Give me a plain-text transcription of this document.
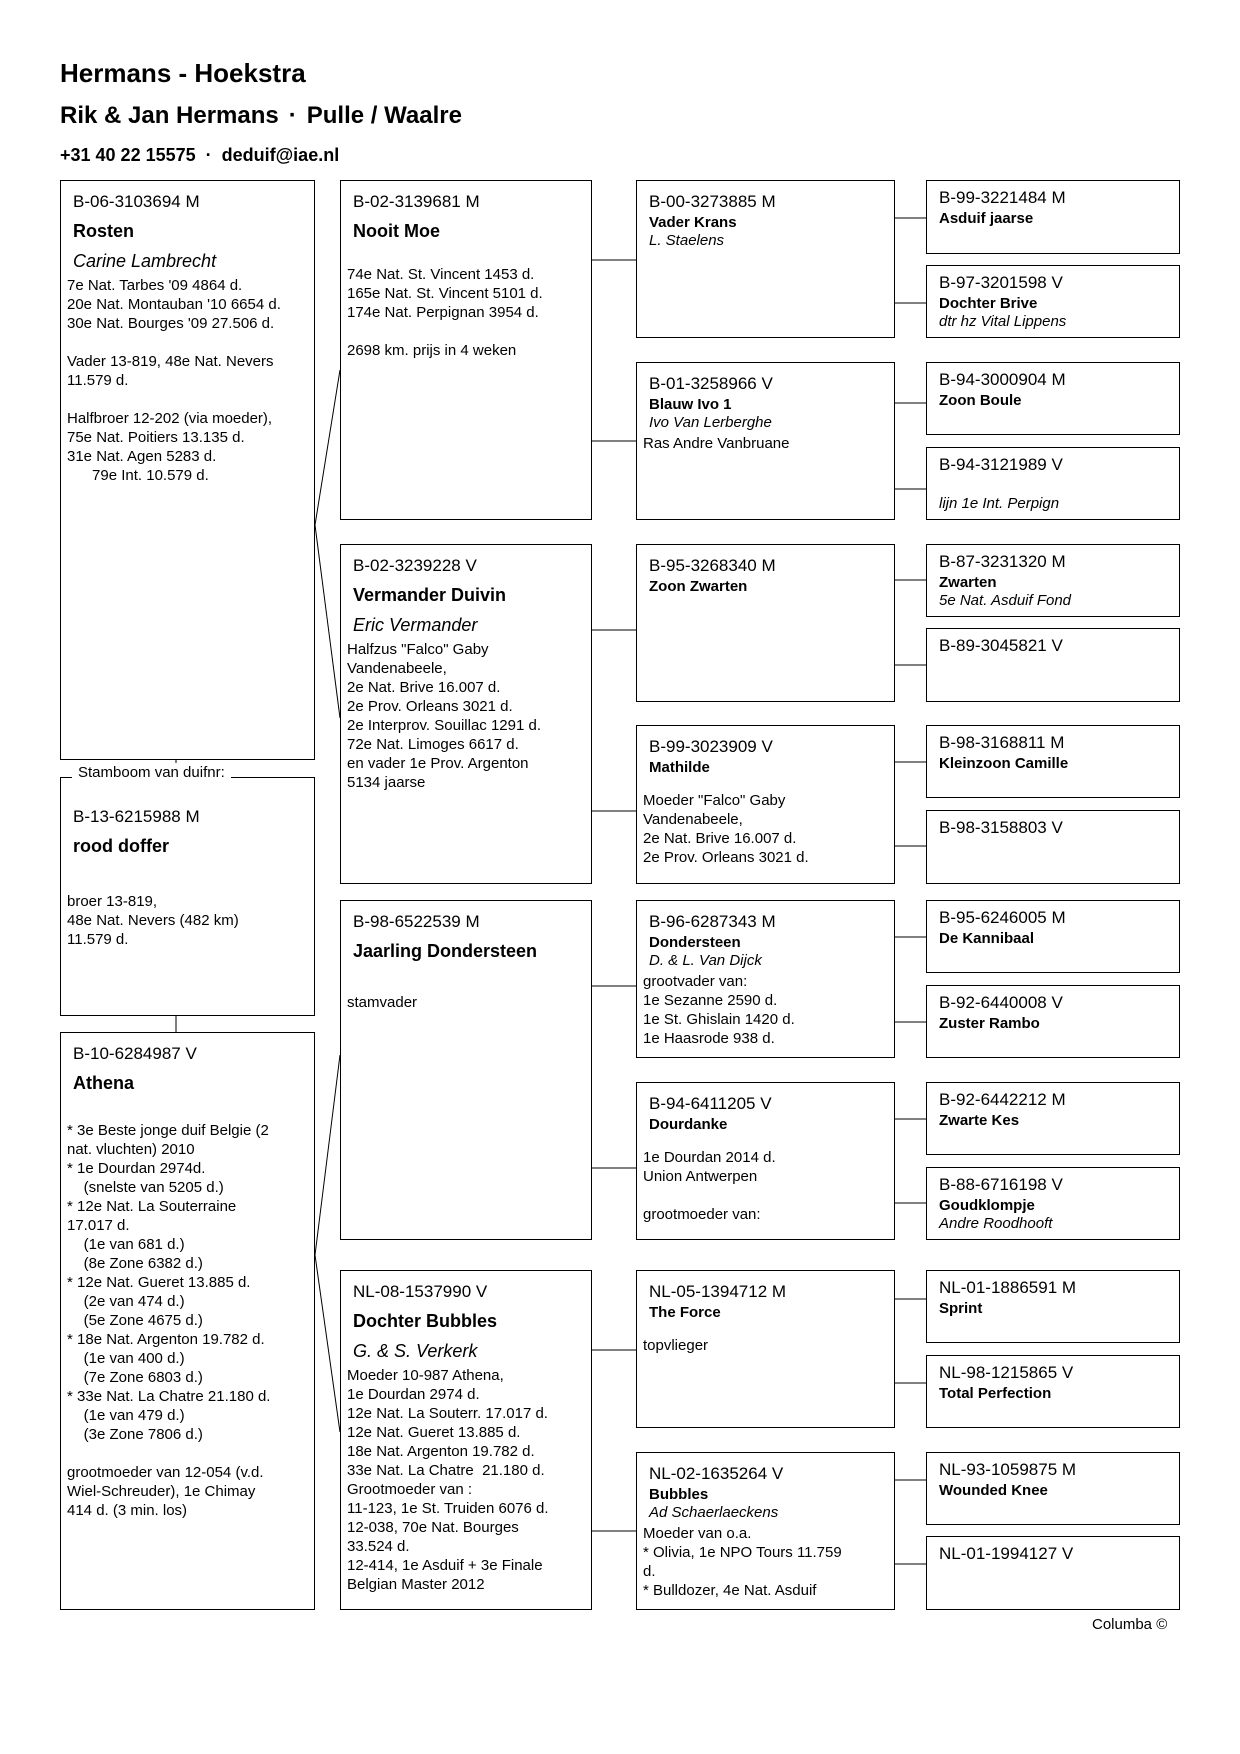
Hermans - Hoekstra
Rik & Jan Hermans · Pulle / Waalre
+31 40 22 15575 · deduif@iae.nl
B-06-3103694 M
Rosten
Carine Lambrecht
7e Nat. Tarbes '09 4864 d.
20e Nat. Montauban '10 6654 d.
30e Nat. Bourges '09 27.506 d.

Vader 13-819, 48e Nat. Nevers
11.579 d.

Halfbroer 12-202 (via moeder),
75e Nat. Poitiers 13.135 d.
31e Nat. Agen 5283 d.
79e Int. 10.579 d.
B-13-6215988 M
rood doffer
broer 13-819,
48e Nat. Nevers (482 km)
11.579 d.
Stamboom van duifnr:
B-10-6284987 V
Athena
* 3e Beste jonge duif Belgie (2
nat. vluchten) 2010
* 1e Dourdan 2974d.
(snelste van 5205 d.)
* 12e Nat. La Souterraine
17.017 d.
(1e van 681 d.)
(8e Zone 6382 d.)
* 12e Nat. Gueret 13.885 d.
(2e van 474 d.)
(5e Zone 4675 d.)
* 18e Nat. Argenton 19.782 d.
(1e van 400 d.)
(7e Zone 6803 d.)
* 33e Nat. La Chatre 21.180 d.
(1e van 479 d.)
(3e Zone 7806 d.)

grootmoeder van 12-054 (v.d.
Wiel-Schreuder), 1e Chimay
414 d. (3 min. los)
B-02-3139681 M
Nooit Moe
74e Nat. St. Vincent 1453 d.
165e Nat. St. Vincent 5101 d.
174e Nat. Perpignan 3954 d.

2698 km. prijs in 4 weken
B-02-3239228 V
Vermander Duivin
Eric Vermander
Halfzus "Falco" Gaby
Vandenabeele,
2e Nat. Brive 16.007 d.
2e Prov. Orleans 3021 d.
2e Interprov. Souillac 1291 d.
72e Nat. Limoges 6617 d.
en vader 1e Prov. Argenton
5134 jaarse
B-98-6522539 M
Jaarling Dondersteen
stamvader
NL-08-1537990 V
Dochter Bubbles
G. & S. Verkerk
Moeder 10-987 Athena,
1e Dourdan 2974 d.
12e Nat. La Souterr. 17.017 d.
12e Nat. Gueret 13.885 d.
18e Nat. Argenton 19.782 d.
33e Nat. La Chatre  21.180 d.
Grootmoeder van :
11-123, 1e St. Truiden 6076 d.
12-038, 70e Nat. Bourges
33.524 d.
12-414, 1e Asduif + 3e Finale
Belgian Master 2012
B-00-3273885 M
Vader Krans
L. Staelens
B-01-3258966 V
Blauw Ivo 1
Ivo Van Lerberghe
Ras Andre Vanbruane
B-95-3268340 M
Zoon Zwarten
B-99-3023909 V
Mathilde
Moeder "Falco" Gaby
Vandenabeele,
2e Nat. Brive 16.007 d.
2e Prov. Orleans 3021 d.
B-96-6287343 M
Dondersteen
D. & L. Van Dijck
grootvader van:
1e Sezanne 2590 d.
1e St. Ghislain 1420 d.
1e Haasrode 938 d.
B-94-6411205 V
Dourdanke
1e Dourdan 2014 d.
Union Antwerpen

grootmoeder van:
NL-05-1394712 M
The Force
topvlieger
NL-02-1635264 V
Bubbles
Ad Schaerlaeckens
Moeder van o.a.
* Olivia, 1e NPO Tours 11.759
d.
* Bulldozer, 4e Nat. Asduif
B-99-3221484 M
Asduif jaarse
B-97-3201598 V
Dochter Brive
dtr hz Vital Lippens
B-94-3000904 M
Zoon Boule
B-94-3121989 V
lijn 1e Int. Perpign
B-87-3231320 M
Zwarten
5e Nat. Asduif Fond
B-89-3045821 V
B-98-3168811 M
Kleinzoon Camille
B-98-3158803 V
B-95-6246005 M
De Kannibaal
B-92-6440008 V
Zuster Rambo
B-92-6442212 M
Zwarte Kes
B-88-6716198 V
Goudklompje
Andre Roodhooft
NL-01-1886591 M
Sprint
NL-98-1215865 V
Total Perfection
NL-93-1059875 M
Wounded Knee
NL-01-1994127 V
Columba ©
